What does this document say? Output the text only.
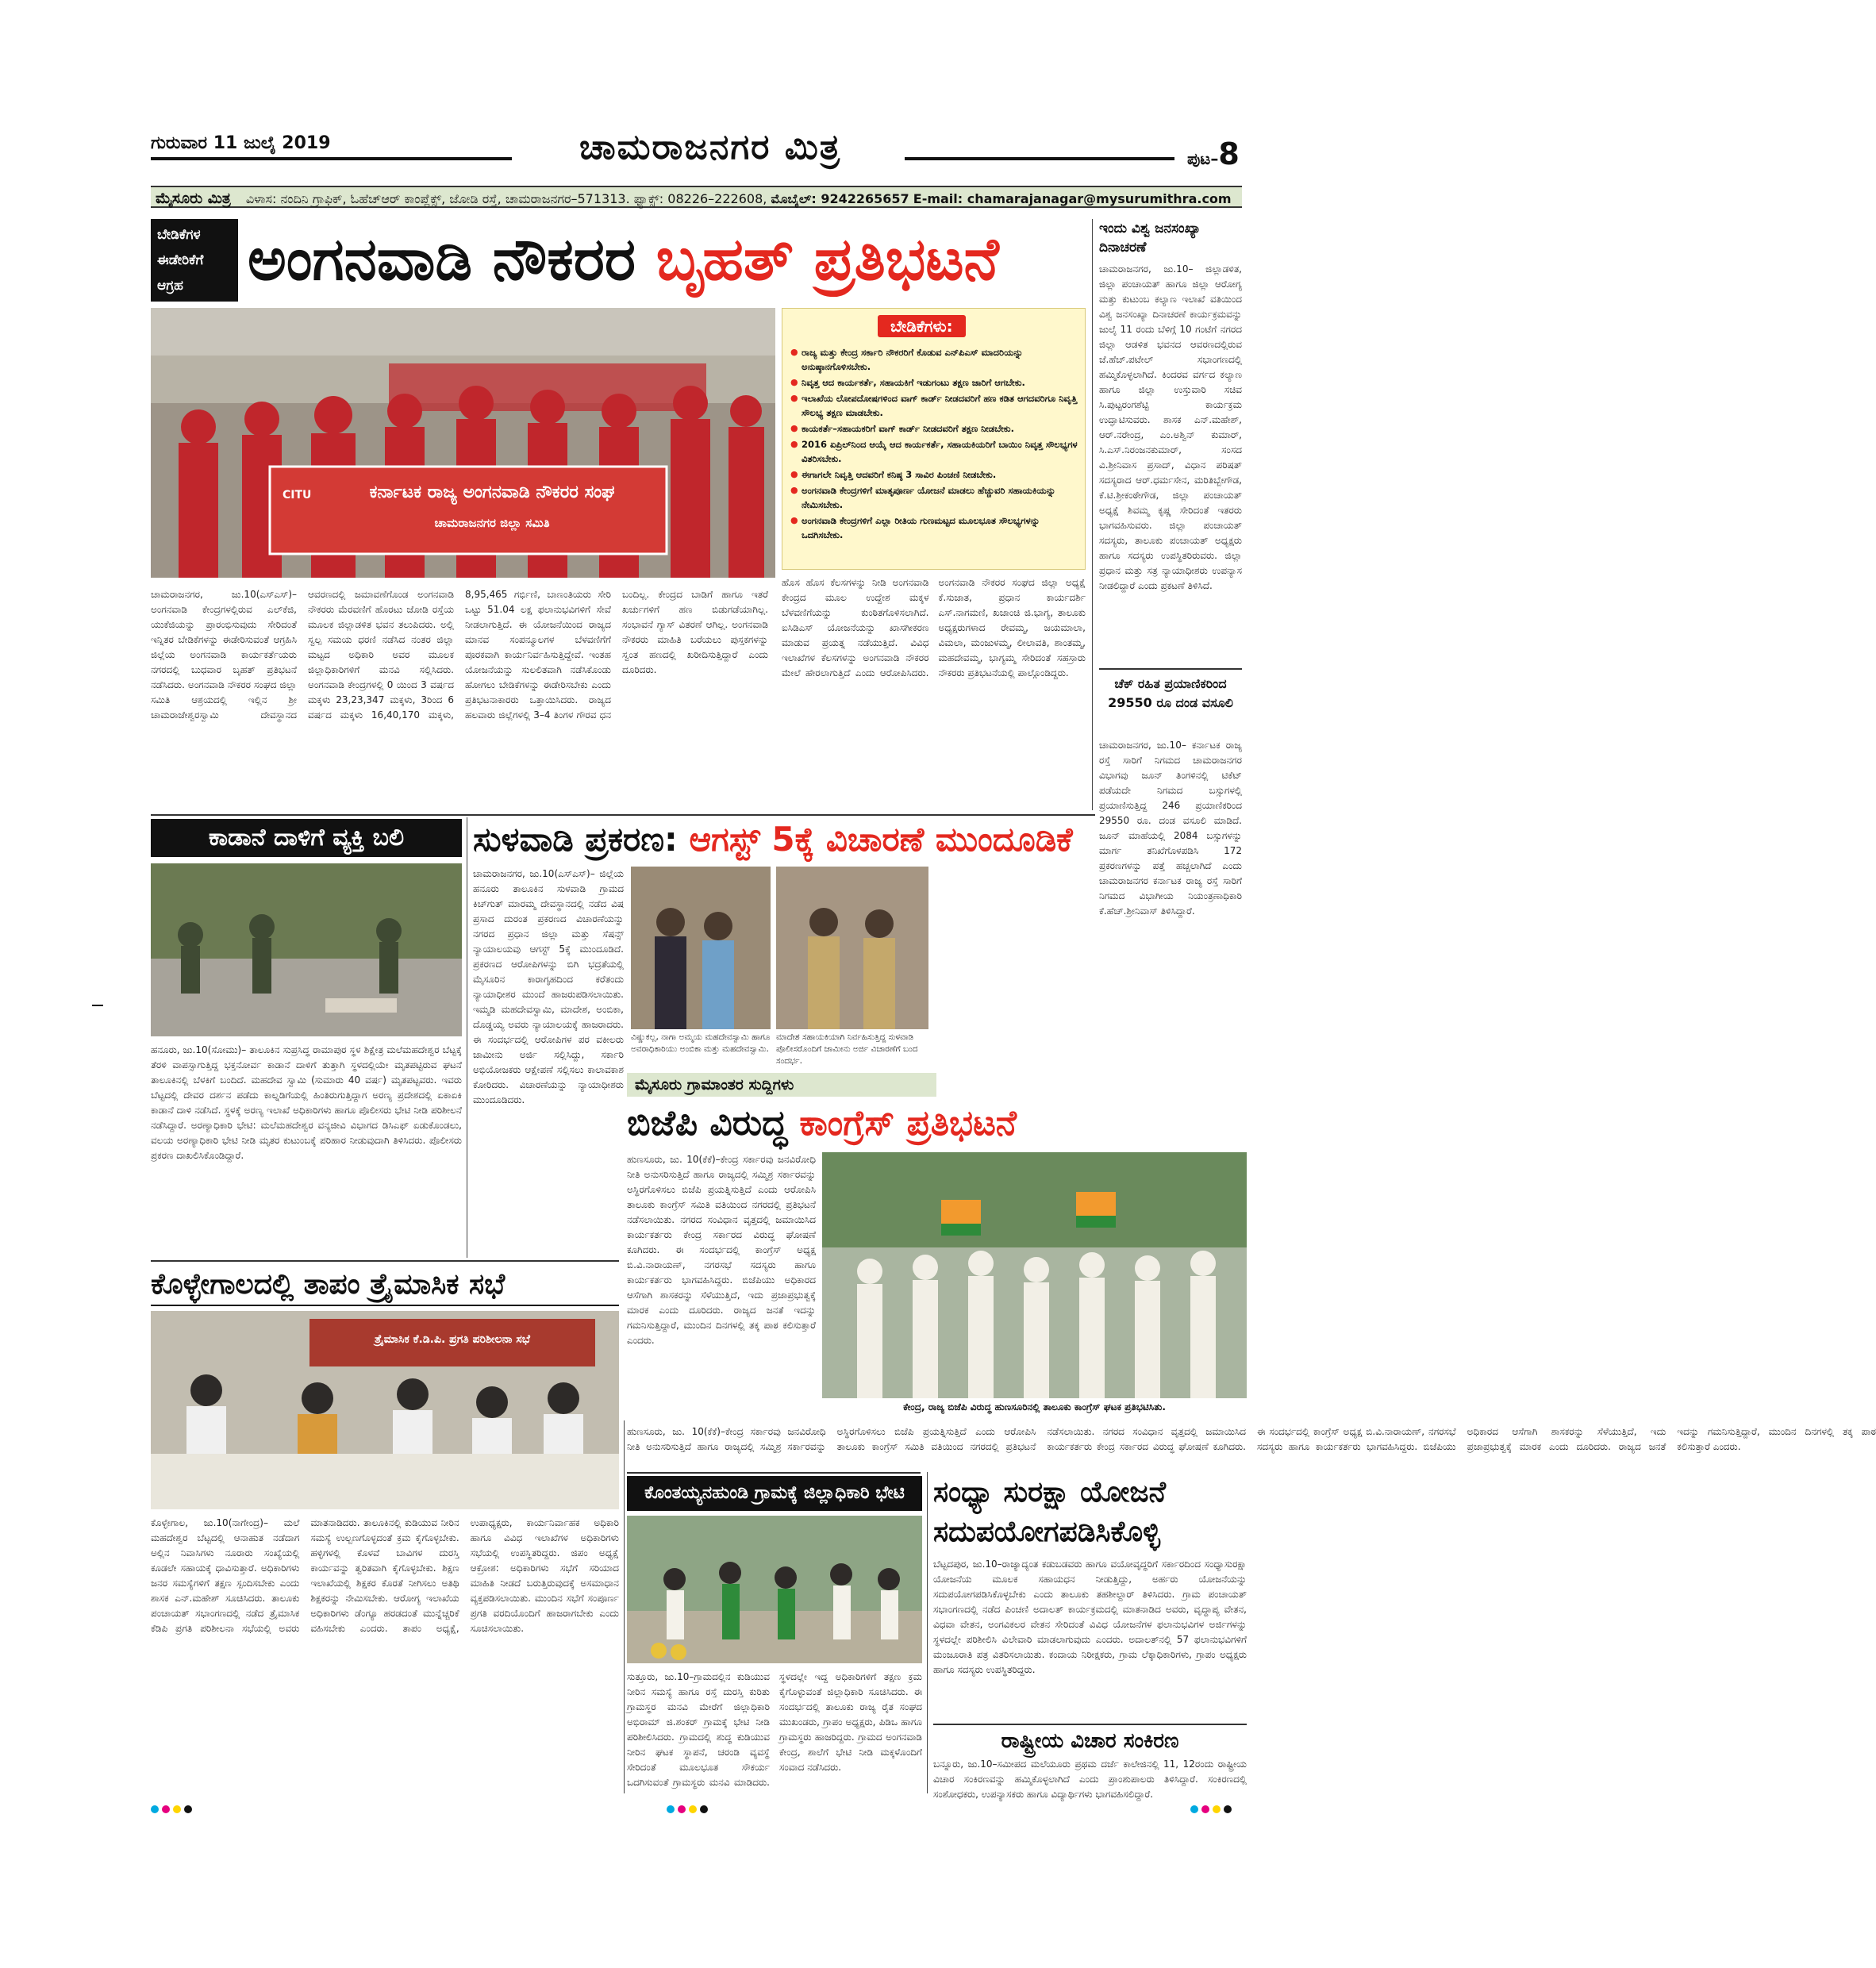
ಗುರುವಾರ 11 ಜುಲೈ 2019	ಚಾಮರಾಜನಗರ ಮಿತ್ರ	ಪುಟ–8
ಮೈಸೂರು ಮಿತ್ರ ವಿಳಾಸ: ನಂದಿನಿ ಗ್ರಾಫಿಕ್, ಓಹೆಚ್‌ಆರ್ ಕಾಂಪ್ಲೆಕ್ಸ್, ಜೋಡಿ ರಸ್ತೆ, ಚಾಮರಾಜನಗರ–571313. ಫ್ಯಾಕ್ಸ್: 08226–222608, ಮೊಬೈಲ್: 9242265657 E-mail: chamarajanagar@mysurumithra.com
ಬೇಡಿಕೆಗಳ
ಈಡೇರಿಕೆಗೆ
ಆಗ್ರಹ	ಅಂಗನವಾಡಿ ನೌಕರರ ಬೃಹತ್ ಪ್ರತಿಭಟನೆ
ಕರ್ನಾಟಕ ರಾಜ್ಯ ಅಂಗನವಾಡಿ ನೌಕರರ ಸಂಘ
ಚಾಮರಾಜನಗರ ಜಿಲ್ಲಾ ಸಮಿತಿ
CITU
ಬೇಡಿಕೆಗಳು:
● ರಾಜ್ಯ ಮತ್ತು ಕೇಂದ್ರ ಸರ್ಕಾರಿ ನೌಕರರಿಗೆ ಕೊಡುವ ಎನ್‌ಪಿಎಸ್ ಮಾದರಿಯನ್ನು ಅನುಷ್ಠಾನಗೊಳಿಸಬೇಕು.
● ನಿವೃತ್ತ ಆದ ಕಾರ್ಯಕರ್ತೆ, ಸಹಾಯಕಿಗೆ ಇಡುಗಂಟು ತಕ್ಷಣ ಜಾರಿಗೆ ಆಗಬೇಕು.
● ಇಲಾಖೆಯ ಲೋಪದೋಷಗಳಿಂದ ವಾಗ್ ಕಾರ್ಡ್ ನೀಡದವರಿಗೆ ಹಣ ಕಡಿತ ಆಗದವರಿಗೂ ನಿವೃತ್ತಿ ಸೌಲಭ್ಯ ತಕ್ಷಣ ಮಾಡಬೇಕು.
● ಕಾಯಕರ್ತೆ–ಸಹಾಯಕರಿಗೆ ವಾಗ್ ಕಾರ್ಡ್ ನೀಡದವರಿಗೆ ತಕ್ಷಣ ನೀಡಬೇಕು.
● 2016 ಏಪ್ರಿಲ್‌ನಿಂದ ಆಯ್ಕೆ ಆದ ಕಾರ್ಯಕರ್ತೆ, ಸಹಾಯಕಿಯರಿಗೆ ಬಾಯಿಂ ನಿವೃತ್ತ ಸೌಲಭ್ಯಗಳ ವಿತರಿಸಬೇಕು.
● ಈಗಾಗಲೇ ನಿವೃತ್ತಿ ಆದವರಿಗೆ ಕನಿಷ್ಠ 3 ಸಾವಿರ ಪಿಂಚಣಿ ನೀಡಬೇಕು.
● ಅಂಗನವಾಡಿ ಕೇಂದ್ರಗಳಿಗೆ ಮಾತೃಪೂರ್ಣ ಯೋಜನೆ ಮಾಡಲು ಹೆಚ್ಚುವರಿ ಸಹಾಯಕಿಯನ್ನು ನೇಮಿಸಬೇಕು.
● ಅಂಗನವಾಡಿ ಕೇಂದ್ರಗಳಿಗೆ ಎಲ್ಲಾ ರೀತಿಯ ಗುಣಮಟ್ಟದ ಮೂಲಭೂತ ಸೌಲಭ್ಯಗಳನ್ನು ಒದಗಿಸಬೇಕು.
ಚಾಮರಾಜನಗರ, ಜು.10(ಎಸ್‌ಎಸ್)– ಅಂಗನವಾಡಿ ಕೇಂದ್ರಗಳಲ್ಲಿರುವ ಎಲ್‌ಕೆಜಿ, ಯುಕೆಜಿಯನ್ನು ಪ್ರಾರಂಭಿಸುವುದು ಸೇರಿದಂತೆ ಇನ್ನಿತರ ಬೇಡಿಕೆಗಳನ್ನು ಈಡೇರಿಸುವಂತೆ ಆಗ್ರಹಿಸಿ ಜಿಲ್ಲೆಯ ಅಂಗನವಾಡಿ ಕಾರ್ಯಕರ್ತೆಯರು ನಗರದಲ್ಲಿ ಬುಧವಾರ ಬೃಹತ್ ಪ್ರತಿಭಟನೆ ನಡೆಸಿದರು. ಅಂಗನವಾಡಿ ನೌಕರರ ಸಂಘದ ಜಿಲ್ಲಾ ಸಮಿತಿ ಆಶ್ರಯದಲ್ಲಿ ಇಲ್ಲಿನ ಶ್ರೀ ಚಾಮರಾಜೇಶ್ವರಸ್ವಾಮಿ ದೇವಸ್ಥಾನದ ಆವರಣದಲ್ಲಿ ಜಮಾವಣೆಗೊಂಡ ಅಂಗನವಾಡಿ ನೌಕರರು ಮೆರವಣಿಗೆ ಹೊರಟು ಜೋಡಿ ರಸ್ತೆಯ ಮೂಲಕ ಜಿಲ್ಲಾಡಳಿತ ಭವನ ತಲುಪಿದರು. ಅಲ್ಲಿ ಸ್ವಲ್ಪ ಸಮಯ ಧರಣಿ ನಡೆಸಿದ ನಂತರ ಜಿಲ್ಲಾ ಮಟ್ಟದ ಅಧಿಕಾರಿ ಅವರ ಮೂಲಕ ಜಿಲ್ಲಾಧಿಕಾರಿಗಳಿಗೆ ಮನವಿ ಸಲ್ಲಿಸಿದರು. ಅಂಗನವಾಡಿ ಕೇಂದ್ರಗಳಲ್ಲಿ 0 ಯಿಂದ 3 ವರ್ಷದ ಮಕ್ಕಳು 23,23,347 ಮಕ್ಕಳು, 3ರಿಂದ 6 ವರ್ಷದ ಮಕ್ಕಳು 16,40,170 ಮಕ್ಕಳು, 8,95,465 ಗರ್ಭಿಣಿ, ಬಾಣಂತಿಯರು ಸೇರಿ ಒಟ್ಟು 51.04 ಲಕ್ಷ ಫಲಾನುಭವಿಗಳಿಗೆ ಸೇವೆ ನೀಡಲಾಗುತ್ತಿದೆ. ಈ ಯೋಜನೆಯಿಂದ ರಾಜ್ಯದ ಮಾನವ ಸಂಪನ್ಮೂಲಗಳ ಬೆಳವಣಿಗೆಗೆ ಪೂರಕವಾಗಿ ಕಾರ್ಯನಿರ್ವಹಿಸುತ್ತಿದ್ದೇವೆ. ಇಂತಹ ಯೋಜನೆಯನ್ನು ಸುಲಲಿತವಾಗಿ ನಡೆಸಿಕೊಂಡು ಹೋಗಲು ಬೇಡಿಕೆಗಳನ್ನು ಈಡೇರಿಸಬೇಕು ಎಂದು ಪ್ರತಿಭಟನಾಕಾರರು ಒತ್ತಾಯಿಸಿದರು. ರಾಜ್ಯದ ಹಲವಾರು ಜಿಲ್ಲೆಗಳಲ್ಲಿ 3–4 ತಿಂಗಳ ಗೌರವ ಧನ ಬಂದಿಲ್ಲ. ಕೇಂದ್ರದ ಬಾಡಿಗೆ ಹಾಗೂ ಇತರೆ ಖರ್ಚುಗಳಿಗೆ ಹಣ ಬಿಡುಗಡೆಯಾಗಿಲ್ಲ. ಸಂಭಾವನೆ ಗ್ಯಾಸ್ ವಿತರಣೆ ಆಗಿಲ್ಲ. ಅಂಗನವಾಡಿ ನೌಕರರು ಮಾಹಿತಿ ಬರೆಯಲು ಪುಸ್ತಕಗಳನ್ನು ಸ್ವಂತ ಹಣದಲ್ಲಿ ಖರೀದಿಸುತ್ತಿದ್ದಾರೆ ಎಂದು ದೂರಿದರು.
ಹೊಸ ಹೊಸ ಕೆಲಸಗಳನ್ನು ನೀಡಿ ಅಂಗನವಾಡಿ ಕೇಂದ್ರದ ಮೂಲ ಉದ್ದೇಶ ಮಕ್ಕಳ ಬೆಳವಣಿಗೆಯನ್ನು ಕುಂಠಿತಗೊಳಿಸಲಾಗಿದೆ. ಐಸಿಡಿಎಸ್ ಯೋಜನೆಯನ್ನು ಖಾಸಗೀಕರಣ ಮಾಡುವ ಪ್ರಯತ್ನ ನಡೆಯುತ್ತಿದೆ. ವಿವಿಧ ಇಲಾಖೆಗಳ ಕೆಲಸಗಳನ್ನು ಅಂಗನವಾಡಿ ನೌಕರರ ಮೇಲೆ ಹೇರಲಾಗುತ್ತಿದೆ ಎಂದು ಆರೋಪಿಸಿದರು. ಅಂಗನವಾಡಿ ನೌಕರರ ಸಂಘದ ಜಿಲ್ಲಾ ಅಧ್ಯಕ್ಷೆ ಕೆ.ಸುಜಾತ, ಪ್ರಧಾನ ಕಾರ್ಯದರ್ಶಿ ಎಸ್.ನಾಗಮಣಿ, ಖಜಾಂಚಿ ಜಿ.ಭಾಗ್ಯ, ತಾಲೂಕು ಅಧ್ಯಕ್ಷರುಗಳಾದ ರೇವಮ್ಮ, ಜಯಮಾಲಾ, ವಿಮಲಾ, ಮಂಜುಳಮ್ಮ, ಲೀಲಾವತಿ, ಶಾಂತಮ್ಮ, ಮಹದೇವಮ್ಮ, ಭಾಗ್ಯಮ್ಮ ಸೇರಿದಂತೆ ಸಹಸ್ರಾರು ನೌಕರರು ಪ್ರತಿಭಟನೆಯಲ್ಲಿ ಪಾಲ್ಗೊಂಡಿದ್ದರು.
ಇಂದು ವಿಶ್ವ ಜನಸಂಖ್ಯಾ ದಿನಾಚರಣೆ
ಚಾಮರಾಜನಗರ, ಜು.10– ಜಿಲ್ಲಾಡಳಿತ, ಜಿಲ್ಲಾ ಪಂಚಾಯತ್ ಹಾಗೂ ಜಿಲ್ಲಾ ಆರೋಗ್ಯ ಮತ್ತು ಕುಟುಂಬ ಕಲ್ಯಾಣ ಇಲಾಖೆ ವತಿಯಿಂದ ವಿಶ್ವ ಜನಸಂಖ್ಯಾ ದಿನಾಚರಣೆ ಕಾರ್ಯಕ್ರಮವನ್ನು ಜುಲೈ 11 ರಂದು ಬೆಳಿಗ್ಗೆ 10 ಗಂಟೆಗೆ ನಗರದ ಜಿಲ್ಲಾ ಆಡಳಿತ ಭವನದ ಆವರಣದಲ್ಲಿರುವ ಜೆ.ಹೆಚ್.ಪಟೇಲ್ ಸಭಾಂಗಣದಲ್ಲಿ ಹಮ್ಮಿಕೊಳ್ಳಲಾಗಿದೆ. ಕಿಂದರವ ವರ್ಗದ ಕಲ್ಯಾಣ ಹಾಗೂ ಜಿಲ್ಲಾ ಉಸ್ತುವಾರಿ ಸಚಿವ ಸಿ.ಪುಟ್ಟರಂಗಶೆಟ್ಟಿ ಕಾರ್ಯಕ್ರಮ ಉದ್ಘಾಟಿಸುವರು. ಶಾಸಕ ಎನ್.ಮಹೇಶ್, ಆರ್.ನರೇಂದ್ರ, ಎಂ.ಅಶ್ವಿನ್ ಕುಮಾರ್, ಸಿ.ಎಸ್.ನಿರಂಜನಕುಮಾರ್, ಸಂಸದ ವಿ.ಶ್ರೀನಿವಾಸ ಪ್ರಸಾದ್, ವಿಧಾನ ಪರಿಷತ್ ಸದಸ್ಯರಾದ ಆರ್.ಧರ್ಮಸೇನ, ಮರಿತಿಬ್ಬೇಗೌಡ, ಕೆ.ಟಿ.ಶ್ರೀಕಂಠೇಗೌಡ, ಜಿಲ್ಲಾ ಪಂಚಾಯತ್ ಅಧ್ಯಕ್ಷೆ ಶಿವಮ್ಮ ಕೃಷ್ಣ ಸೇರಿದಂತೆ ಇತರರು ಭಾಗವಹಿಸುವರು. ಜಿಲ್ಲಾ ಪಂಚಾಯತ್ ಸದಸ್ಯರು, ತಾಲೂಕು ಪಂಚಾಯತ್ ಅಧ್ಯಕ್ಷರು ಹಾಗೂ ಸದಸ್ಯರು ಉಪಸ್ಥಿತರಿರುವರು. ಜಿಲ್ಲಾ ಪ್ರಧಾನ ಮತ್ತು ಸತ್ರ ನ್ಯಾಯಾಧೀಶರು ಉಪನ್ಯಾಸ ನೀಡಲಿದ್ದಾರೆ ಎಂದು ಪ್ರಕಟಣೆ ತಿಳಿಸಿದೆ.
ಚೆಕ್ ರಹಿತ ಪ್ರಯಾಣಿಕರಿಂದ 29550 ರೂ ದಂಡ ವಸೂಲಿ
ಚಾಮರಾಜನಗರ, ಜು.10– ಕರ್ನಾಟಕ ರಾಜ್ಯ ರಸ್ತೆ ಸಾರಿಗೆ ನಿಗಮದ ಚಾಮರಾಜನಗರ ವಿಭಾಗವು ಜೂನ್ ತಿಂಗಳಿನಲ್ಲಿ ಟಿಕೆಟ್ ಪಡೆಯದೇ ನಿಗಮದ ಬಸ್ಸುಗಳಲ್ಲಿ ಪ್ರಯಾಣಿಸುತ್ತಿದ್ದ 246 ಪ್ರಯಾಣಿಕರಿಂದ 29550 ರೂ. ದಂಡ ವಸೂಲಿ ಮಾಡಿದೆ. ಜೂನ್ ಮಾಹೆಯಲ್ಲಿ 2084 ಬಸ್ಸುಗಳನ್ನು ಮಾರ್ಗ ತನಿಖೆಗೊಳಪಡಿಸಿ 172 ಪ್ರಕರಣಗಳನ್ನು ಪತ್ತೆ ಹಚ್ಚಲಾಗಿದೆ ಎಂದು ಚಾಮರಾಜನಗರ ಕರ್ನಾಟಕ ರಾಜ್ಯ ರಸ್ತೆ ಸಾರಿಗೆ ನಿಗಮದ ವಿಭಾಗೀಯ ನಿಯಂತ್ರಣಾಧಿಕಾರಿ ಕೆ.ಹೆಚ್.ಶ್ರೀನಿವಾಸ್ ತಿಳಿಸಿದ್ದಾರೆ.
ಕಾಡಾನೆ ದಾಳಿಗೆ ವ್ಯಕ್ತಿ ಬಲಿ
ಹನೂರು, ಜು.10(ಸೋಮು)– ತಾಲೂಕಿನ ಸುಪ್ರಸಿದ್ಧ ರಾಮಾಪುರ ಸ್ಥಳ ಶಿಕ್ಷೇತ್ರ ಮಲೆಮಹದೇಶ್ವರ ಬೆಟ್ಟಕ್ಕೆ ತೆರಳಿ ವಾಪಸ್ಸಾಗುತ್ತಿದ್ದ ಭಕ್ತನೋರ್ವ ಕಾಡಾನೆ ದಾಳಿಗೆ ತುತ್ತಾಗಿ ಸ್ಥಳದಲ್ಲಿಯೇ ಮೃತಪಟ್ಟಿರುವ ಘಟನೆ ತಾಲೂಕಿನಲ್ಲಿ ಬೆಳಕಿಗೆ ಬಂದಿದೆ. ಮಹದೇವ ಸ್ವಾಮಿ (ಸುಮಾರು 40 ವರ್ಷ) ಮೃತಪಟ್ಟವರು. ಇವರು ಬೆಟ್ಟದಲ್ಲಿ ದೇವರ ದರ್ಶನ ಪಡೆದು ಕಾಲ್ನಡಿಗೆಯಲ್ಲಿ ಹಿಂತಿರುಗುತ್ತಿದ್ದಾಗ ಅರಣ್ಯ ಪ್ರದೇಶದಲ್ಲಿ ಏಕಾಏಕಿ ಕಾಡಾನೆ ದಾಳಿ ನಡೆಸಿದೆ. ಸ್ಥಳಕ್ಕೆ ಅರಣ್ಯ ಇಲಾಖೆ ಅಧಿಕಾರಿಗಳು ಹಾಗೂ ಪೊಲೀಸರು ಭೇಟಿ ನೀಡಿ ಪರಿಶೀಲನೆ ನಡೆಸಿದ್ದಾರೆ. ಅರಣ್ಯಾಧಿಕಾರಿ ಭೇಟಿ: ಮಲೆಮಹದೇಶ್ವರ ವನ್ಯಜೀವಿ ವಿಭಾಗದ ಡಿಸಿಎಫ್ ಏಡುಕೊಂಡಲು, ವಲಯ ಅರಣ್ಯಾಧಿಕಾರಿ ಭೇಟಿ ನೀಡಿ ಮೃತರ ಕುಟುಂಬಕ್ಕೆ ಪರಿಹಾರ ನೀಡುವುದಾಗಿ ತಿಳಿಸಿದರು. ಪೊಲೀಸರು ಪ್ರಕರಣ ದಾಖಲಿಸಿಕೊಂಡಿದ್ದಾರೆ.
ಸುಳವಾಡಿ ಪ್ರಕರಣ: ಆಗಸ್ಟ್ 5ಕ್ಕೆ ವಿಚಾರಣೆ ಮುಂದೂಡಿಕೆ
ಚಾಮರಾಜನಗರ, ಜು.10(ಎಸ್‌ಎಸ್)– ಜಿಲ್ಲೆಯ ಹನೂರು ತಾಲೂಕಿನ ಸುಳವಾಡಿ ಗ್ರಾಮದ ಕಿಚ್‌ಗುತ್ ಮಾರಮ್ಮ ದೇವಸ್ಥಾನದಲ್ಲಿ ನಡೆದ ವಿಷ ಪ್ರಸಾದ ದುರಂತ ಪ್ರಕರಣದ ವಿಚಾರಣೆಯನ್ನು ನಗರದ ಪ್ರಧಾನ ಜಿಲ್ಲಾ ಮತ್ತು ಸೆಷನ್ಸ್ ನ್ಯಾಯಾಲಯವು ಆಗಸ್ಟ್ 5ಕ್ಕೆ ಮುಂದೂಡಿದೆ. ಪ್ರಕರಣದ ಆರೋಪಿಗಳನ್ನು ಬಿಗಿ ಭದ್ರತೆಯಲ್ಲಿ ಮೈಸೂರಿನ ಕಾರಾಗೃಹದಿಂದ ಕರೆತಂದು ನ್ಯಾಯಾಧೀಶರ ಮುಂದೆ ಹಾಜರುಪಡಿಸಲಾಯಿತು. ಇಮ್ಮಡಿ ಮಹದೇವಸ್ವಾಮಿ, ಮಾದೇಶ, ಅಂಬಿಕಾ, ದೊಡ್ಡಯ್ಯ ಅವರು ನ್ಯಾಯಾಲಯಕ್ಕೆ ಹಾಜರಾದರು. ಈ ಸಂದರ್ಭದಲ್ಲಿ ಆರೋಪಿಗಳ ಪರ ವಕೀಲರು ಜಾಮೀನು ಅರ್ಜಿ ಸಲ್ಲಿಸಿದ್ದು, ಸರ್ಕಾರಿ ಅಭಿಯೋಜಕರು ಆಕ್ಷೇಪಣೆ ಸಲ್ಲಿಸಲು ಕಾಲಾವಕಾಶ ಕೋರಿದರು. ವಿಚಾರಣೆಯನ್ನು ನ್ಯಾಯಾಧೀಶರು ಮುಂದೂಡಿದರು.
ವಿಷ್ಣುಕಲ್ಲ, ನಾಗಾ ಅಮ್ಮಯ ಮಹದೇವಸ್ವಾಮಿ ಹಾಗೂ ಅವರಾಧಿಕಾರಿಯು ಅಂಬಿಕಾ ಮತ್ತು ಮಹದೇವಸ್ವಾಮಿ.
ಮಾದೇಶ ಸಹಾಯಕಿಯಾಗಿ ನಿರ್ವಹಿಸುತ್ತಿದ್ದ ಸುಳವಾಡಿ ಪೊಲೀಸರೊಂದಿಗೆ ಜಾಮೀನು ಅರ್ಜಿ ವಿಚಾರಣೆಗೆ ಬಂದ ಸಂದರ್ಭ.
ಮೈಸೂರು ಗ್ರಾಮಾಂತರ ಸುದ್ದಿಗಳು
ಬಿಜೆಪಿ ವಿರುದ್ಧ ಕಾಂಗ್ರೆಸ್ ಪ್ರತಿಭಟನೆ
ಹುಣಸೂರು, ಜು. 10(ಕೆಕೆ)–ಕೇಂದ್ರ ಸರ್ಕಾರವು ಜನವಿರೋಧಿ ನೀತಿ ಅನುಸರಿಸುತ್ತಿದೆ ಹಾಗೂ ರಾಜ್ಯದಲ್ಲಿ ಸಮ್ಮಿಶ್ರ ಸರ್ಕಾರವನ್ನು ಅಸ್ಥಿರಗೊಳಿಸಲು ಬಿಜೆಪಿ ಪ್ರಯತ್ನಿಸುತ್ತಿದೆ ಎಂದು ಆರೋಪಿಸಿ ತಾಲೂಕು ಕಾಂಗ್ರೆಸ್ ಸಮಿತಿ ವತಿಯಿಂದ ನಗರದಲ್ಲಿ ಪ್ರತಿಭಟನೆ ನಡೆಸಲಾಯಿತು. ನಗರದ ಸಂವಿಧಾನ ವೃತ್ತದಲ್ಲಿ ಜಮಾಯಿಸಿದ ಕಾರ್ಯಕರ್ತರು ಕೇಂದ್ರ ಸರ್ಕಾರದ ವಿರುದ್ಧ ಘೋಷಣೆ ಕೂಗಿದರು. ಈ ಸಂದರ್ಭದಲ್ಲಿ ಕಾಂಗ್ರೆಸ್ ಅಧ್ಯಕ್ಷ ಬಿ.ವಿ.ನಾರಾಯಣ್, ನಗರಸಭೆ ಸದಸ್ಯರು ಹಾಗೂ ಕಾರ್ಯಕರ್ತರು ಭಾಗವಹಿಸಿದ್ದರು. ಬಿಜೆಪಿಯು ಅಧಿಕಾರದ ಆಸೆಗಾಗಿ ಶಾಸಕರನ್ನು ಸೆಳೆಯುತ್ತಿದೆ, ಇದು ಪ್ರಜಾಪ್ರಭುತ್ವಕ್ಕೆ ಮಾರಕ ಎಂದು ದೂರಿದರು. ರಾಜ್ಯದ ಜನತೆ ಇದನ್ನು ಗಮನಿಸುತ್ತಿದ್ದಾರೆ, ಮುಂದಿನ ದಿನಗಳಲ್ಲಿ ತಕ್ಕ ಪಾಠ ಕಲಿಸುತ್ತಾರೆ ಎಂದರು.
ಕೇಂದ್ರ, ರಾಜ್ಯ ಬಿಜೆಪಿ ವಿರುದ್ಧ ಹುಣಸೂರಿನಲ್ಲಿ ತಾಲೂಕು ಕಾಂಗ್ರೆಸ್ ಘಟಕ ಪ್ರತಿಭಟಿಸಿತು.
ಕೊಳ್ಳೇಗಾಲದಲ್ಲಿ ತಾಪಂ ತ್ರೈಮಾಸಿಕ ಸಭೆ
ತ್ರೈಮಾಸಿಕ ಕೆ.ಡಿ.ಪಿ. ಪ್ರಗತಿ ಪರಿಶೀಲನಾ ಸಭೆ
ಕೊಳ್ಳೇಗಾಲ, ಜು.10(ನಾಗೇಂದ್ರ)– ಮಲೆ ಮಹದೇಶ್ವರ ಬೆಟ್ಟದಲ್ಲಿ ಆನಾಹುತ ನಡೆದಾಗ ಅಲ್ಲಿನ ನಿವಾಸಿಗಳು ನೂರಾರು ಸಂಖ್ಯೆಯಲ್ಲಿ ಕೂಡಲೇ ಸಹಾಯಕ್ಕೆ ಧಾವಿಸುತ್ತಾರೆ. ಅಧಿಕಾರಿಗಳು ಜನರ ಸಮಸ್ಯೆಗಳಿಗೆ ತಕ್ಷಣ ಸ್ಪಂದಿಸಬೇಕು ಎಂದು ಶಾಸಕ ಎನ್.ಮಹೇಶ್ ಸೂಚಿಸಿದರು. ತಾಲೂಕು ಪಂಚಾಯತ್ ಸಭಾಂಗಣದಲ್ಲಿ ನಡೆದ ತ್ರೈಮಾಸಿಕ ಕೆಡಿಪಿ ಪ್ರಗತಿ ಪರಿಶೀಲನಾ ಸಭೆಯಲ್ಲಿ ಅವರು ಮಾತನಾಡಿದರು. ತಾಲೂಕಿನಲ್ಲಿ ಕುಡಿಯುವ ನೀರಿನ ಸಮಸ್ಯೆ ಉಲ್ಬಣಗೊಳ್ಳದಂತೆ ಕ್ರಮ ಕೈಗೊಳ್ಳಬೇಕು. ಹಳ್ಳಿಗಳಲ್ಲಿ ಕೊಳವೆ ಬಾವಿಗಳ ದುರಸ್ತಿ ಕಾರ್ಯವನ್ನು ತ್ವರಿತವಾಗಿ ಕೈಗೊಳ್ಳಬೇಕು. ಶಿಕ್ಷಣ ಇಲಾಖೆಯಲ್ಲಿ ಶಿಕ್ಷಕರ ಕೊರತೆ ನೀಗಿಸಲು ಅತಿಥಿ ಶಿಕ್ಷಕರನ್ನು ನೇಮಿಸಬೇಕು. ಆರೋಗ್ಯ ಇಲಾಖೆಯ ಅಧಿಕಾರಿಗಳು ಡೆಂಗ್ಯೂ ಹರಡದಂತೆ ಮುನ್ನೆಚ್ಚರಿಕೆ ವಹಿಸಬೇಕು ಎಂದರು. ತಾಪಂ ಅಧ್ಯಕ್ಷೆ, ಉಪಾಧ್ಯಕ್ಷರು, ಕಾರ್ಯನಿರ್ವಾಹಕ ಅಧಿಕಾರಿ ಹಾಗೂ ವಿವಿಧ ಇಲಾಖೆಗಳ ಅಧಿಕಾರಿಗಳು ಸಭೆಯಲ್ಲಿ ಉಪಸ್ಥಿತರಿದ್ದರು. ಜಿಪಂ ಅಧ್ಯಕ್ಷೆ ಆಕ್ರೋಶ: ಅಧಿಕಾರಿಗಳು ಸಭೆಗೆ ಸರಿಯಾದ ಮಾಹಿತಿ ನೀಡದೆ ಬರುತ್ತಿರುವುದಕ್ಕೆ ಅಸಮಾಧಾನ ವ್ಯಕ್ತಪಡಿಸಲಾಯಿತು. ಮುಂದಿನ ಸಭೆಗೆ ಸಂಪೂರ್ಣ ಪ್ರಗತಿ ವರದಿಯೊಂದಿಗೆ ಹಾಜರಾಗಬೇಕು ಎಂದು ಸೂಚಿಸಲಾಯಿತು.
ಹುಣಸೂರು, ಜು. 10(ಕೆಕೆ)–ಕೇಂದ್ರ ಸರ್ಕಾರವು ಜನವಿರೋಧಿ ನೀತಿ ಅನುಸರಿಸುತ್ತಿದೆ ಹಾಗೂ ರಾಜ್ಯದಲ್ಲಿ ಸಮ್ಮಿಶ್ರ ಸರ್ಕಾರವನ್ನು ಅಸ್ಥಿರಗೊಳಿಸಲು ಬಿಜೆಪಿ ಪ್ರಯತ್ನಿಸುತ್ತಿದೆ ಎಂದು ಆರೋಪಿಸಿ ತಾಲೂಕು ಕಾಂಗ್ರೆಸ್ ಸಮಿತಿ ವತಿಯಿಂದ ನಗರದಲ್ಲಿ ಪ್ರತಿಭಟನೆ ನಡೆಸಲಾಯಿತು. ನಗರದ ಸಂವಿಧಾನ ವೃತ್ತದಲ್ಲಿ ಜಮಾಯಿಸಿದ ಕಾರ್ಯಕರ್ತರು ಕೇಂದ್ರ ಸರ್ಕಾರದ ವಿರುದ್ಧ ಘೋಷಣೆ ಕೂಗಿದರು. ಈ ಸಂದರ್ಭದಲ್ಲಿ ಕಾಂಗ್ರೆಸ್ ಅಧ್ಯಕ್ಷ ಬಿ.ವಿ.ನಾರಾಯಣ್, ನಗರಸಭೆ ಸದಸ್ಯರು ಹಾಗೂ ಕಾರ್ಯಕರ್ತರು ಭಾಗವಹಿಸಿದ್ದರು. ಬಿಜೆಪಿಯು ಅಧಿಕಾರದ ಆಸೆಗಾಗಿ ಶಾಸಕರನ್ನು ಸೆಳೆಯುತ್ತಿದೆ, ಇದು ಪ್ರಜಾಪ್ರಭುತ್ವಕ್ಕೆ ಮಾರಕ ಎಂದು ದೂರಿದರು. ರಾಜ್ಯದ ಜನತೆ ಇದನ್ನು ಗಮನಿಸುತ್ತಿದ್ದಾರೆ, ಮುಂದಿನ ದಿನಗಳಲ್ಲಿ ತಕ್ಕ ಪಾಠ ಕಲಿಸುತ್ತಾರೆ ಎಂದರು.
ಕೊಂತಯ್ಯನಹುಂಡಿ ಗ್ರಾಮಕ್ಕೆ ಜಿಲ್ಲಾಧಿಕಾರಿ ಭೇಟಿ
ಸುತ್ತೂರು, ಜು.10–ಗ್ರಾಮದಲ್ಲಿನ ಕುಡಿಯುವ ನೀರಿನ ಸಮಸ್ಯೆ ಹಾಗೂ ರಸ್ತೆ ದುರಸ್ತಿ ಕುರಿತು ಗ್ರಾಮಸ್ಥರ ಮನವಿ ಮೇರೆಗೆ ಜಿಲ್ಲಾಧಿಕಾರಿ ಅಭಿರಾಮ್ ಜಿ.ಶಂಕರ್ ಗ್ರಾಮಕ್ಕೆ ಭೇಟಿ ನೀಡಿ ಪರಿಶೀಲಿಸಿದರು. ಗ್ರಾಮದಲ್ಲಿ ಶುದ್ಧ ಕುಡಿಯುವ ನೀರಿನ ಘಟಕ ಸ್ಥಾಪನೆ, ಚರಂಡಿ ವ್ಯವಸ್ಥೆ ಸೇರಿದಂತೆ ಮೂಲಭೂತ ಸೌಕರ್ಯ ಒದಗಿಸುವಂತೆ ಗ್ರಾಮಸ್ಥರು ಮನವಿ ಮಾಡಿದರು. ಸ್ಥಳದಲ್ಲೇ ಇದ್ದ ಅಧಿಕಾರಿಗಳಿಗೆ ತಕ್ಷಣ ಕ್ರಮ ಕೈಗೊಳ್ಳುವಂತೆ ಜಿಲ್ಲಾಧಿಕಾರಿ ಸೂಚಿಸಿದರು. ಈ ಸಂದರ್ಭದಲ್ಲಿ ತಾಲೂಕು ರಾಜ್ಯ ರೈತ ಸಂಘದ ಮುಖಂಡರು, ಗ್ರಾಪಂ ಅಧ್ಯಕ್ಷರು, ಪಿಡಿಒ ಹಾಗೂ ಗ್ರಾಮಸ್ಥರು ಹಾಜರಿದ್ದರು. ಗ್ರಾಮದ ಅಂಗನವಾಡಿ ಕೇಂದ್ರ, ಶಾಲೆಗೆ ಭೇಟಿ ನೀಡಿ ಮಕ್ಕಳೊಂದಿಗೆ ಸಂವಾದ ನಡೆಸಿದರು.
ಸಂಧ್ಯಾ ಸುರಕ್ಷಾ ಯೋಜನೆ
ಸದುಪಯೋಗಪಡಿಸಿಕೊಳ್ಳಿ
ಬೆಟ್ಟದಪುರ, ಜು.10–ರಾಜ್ಯಾದ್ಯಂತ ಕಡುಬಡವರು ಹಾಗೂ ವಯೋವೃದ್ಧರಿಗೆ ಸರ್ಕಾರದಿಂದ ಸಂಧ್ಯಾಸುರಕ್ಷಾ ಯೋಜನೆಯ ಮೂಲಕ ಸಹಾಯಧನ ನೀಡುತ್ತಿದ್ದು, ಅರ್ಹರು ಯೋಜನೆಯನ್ನು ಸದುಪಯೋಗಪಡಿಸಿಕೊಳ್ಳಬೇಕು ಎಂದು ತಾಲೂಕು ತಹಶೀಲ್ದಾರ್ ತಿಳಿಸಿದರು. ಗ್ರಾಮ ಪಂಚಾಯತ್ ಸಭಾಂಗಣದಲ್ಲಿ ನಡೆದ ಪಿಂಚಣಿ ಅದಾಲತ್ ಕಾರ್ಯಕ್ರಮದಲ್ಲಿ ಮಾತನಾಡಿದ ಅವರು, ವೃದ್ಧಾಪ್ಯ ವೇತನ, ವಿಧವಾ ವೇತನ, ಅಂಗವಿಕಲರ ವೇತನ ಸೇರಿದಂತೆ ವಿವಿಧ ಯೋಜನೆಗಳ ಫಲಾನುಭವಿಗಳ ಅರ್ಜಿಗಳನ್ನು ಸ್ಥಳದಲ್ಲೇ ಪರಿಶೀಲಿಸಿ ವಿಲೇವಾರಿ ಮಾಡಲಾಗುವುದು ಎಂದರು. ಅದಾಲತ್‌ನಲ್ಲಿ 57 ಫಲಾನುಭವಿಗಳಿಗೆ ಮಂಜೂರಾತಿ ಪತ್ರ ವಿತರಿಸಲಾಯಿತು. ಕಂದಾಯ ನಿರೀಕ್ಷಕರು, ಗ್ರಾಮ ಲೆಕ್ಕಾಧಿಕಾರಿಗಳು, ಗ್ರಾಪಂ ಅಧ್ಯಕ್ಷರು ಹಾಗೂ ಸದಸ್ಯರು ಉಪಸ್ಥಿತರಿದ್ದರು.
ರಾಷ್ಟ್ರೀಯ ವಿಚಾರ ಸಂಕಿರಣ
ಬನ್ನೂರು, ಜು.10–ಸಮೀಪದ ಮಲೆಯೂರು ಪ್ರಥಮ ದರ್ಜೆ ಕಾಲೇಜಿನಲ್ಲಿ 11, 12ರಂದು ರಾಷ್ಟ್ರೀಯ ವಿಚಾರ ಸಂಕಿರಣವನ್ನು ಹಮ್ಮಿಕೊಳ್ಳಲಾಗಿದೆ ಎಂದು ಪ್ರಾಂಶುಪಾಲರು ತಿಳಿಸಿದ್ದಾರೆ. ಸಂಕಿರಣದಲ್ಲಿ ಸಂಶೋಧಕರು, ಉಪನ್ಯಾಸಕರು ಹಾಗೂ ವಿದ್ಯಾರ್ಥಿಗಳು ಭಾಗವಹಿಸಲಿದ್ದಾರೆ.
